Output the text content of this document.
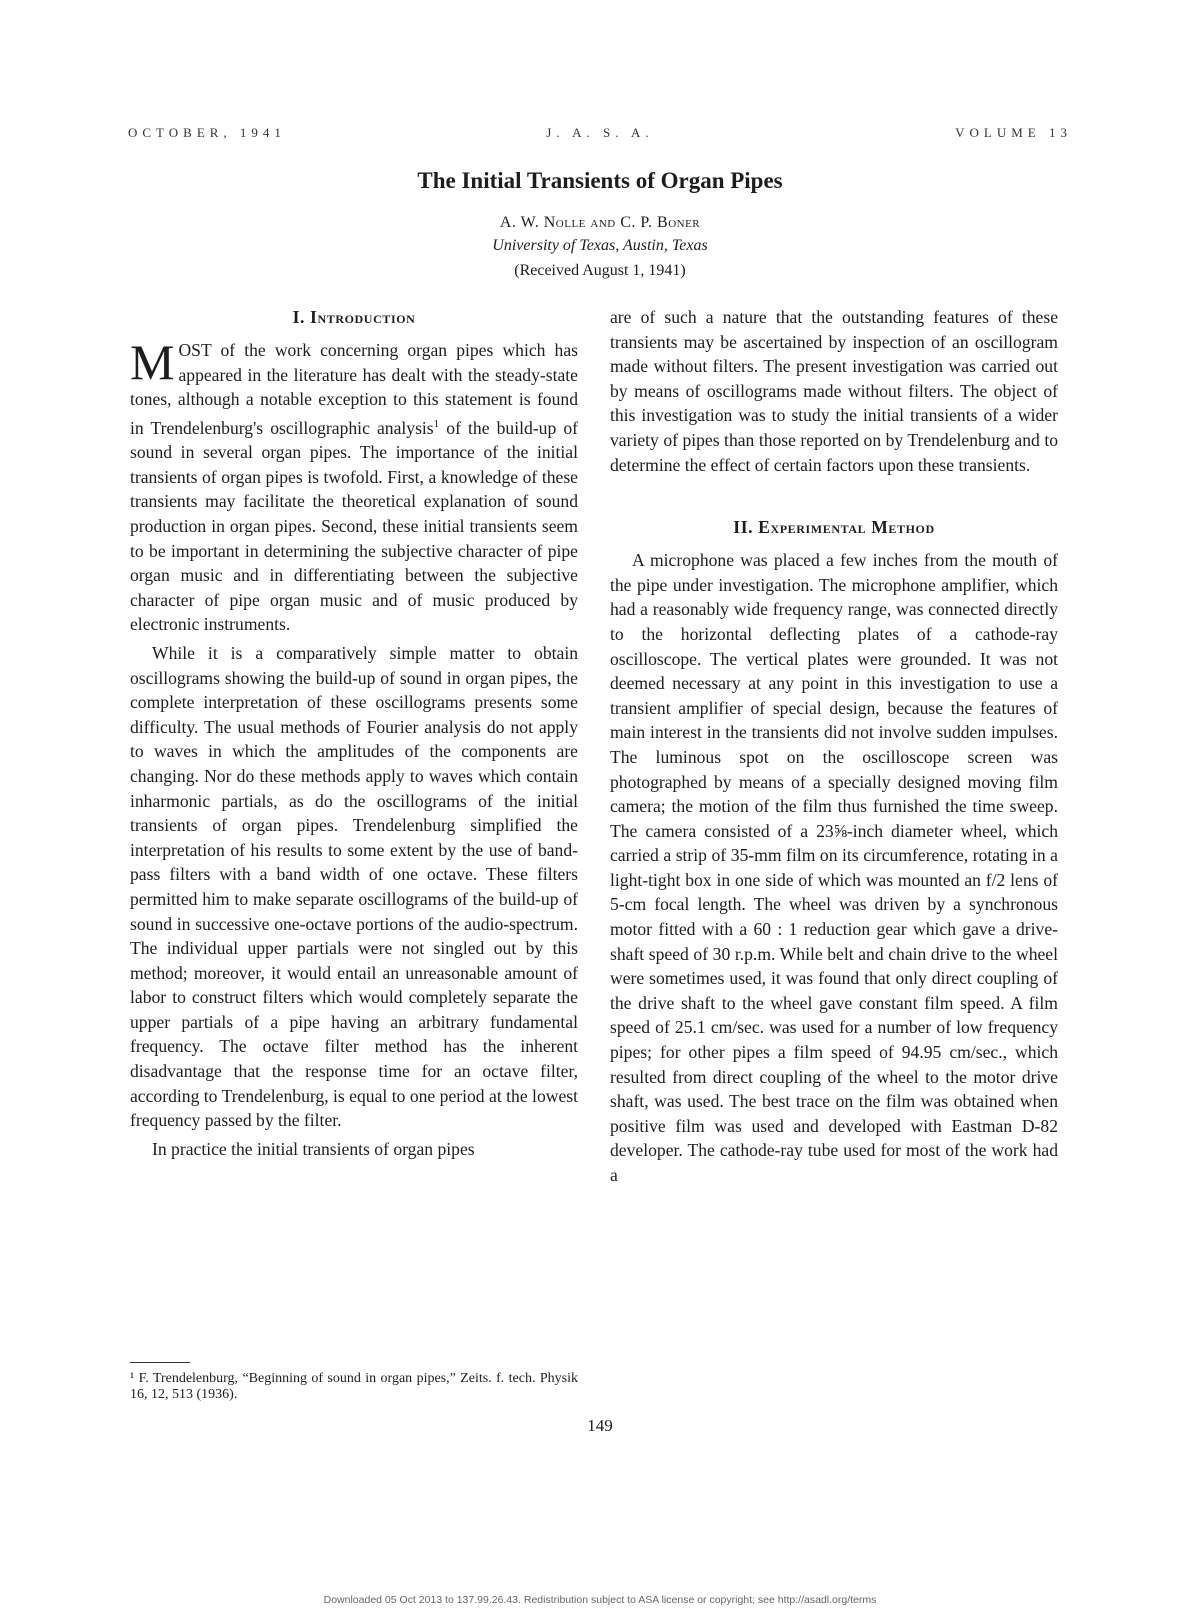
OCTOBER, 1941	J. A. S. A.	VOLUME 13
The Initial Transients of Organ Pipes
A. W. Nolle and C. P. Boner
University of Texas, Austin, Texas
(Received August 1, 1941)
I. Introduction

MOST of the work concerning organ pipes which has appeared in the literature has dealt with the steady-state tones, although a notable exception to this statement is found in Trendelenburg's oscillographic analysis$^1$ of the build-up of sound in several organ pipes. The importance of the initial transients of organ pipes is twofold. First, a knowledge of these transients may facilitate the theoretical explanation of sound production in organ pipes. Second, these initial transients seem to be important in determining the subjective character of pipe organ music and in differentiating between the subjective character of pipe organ music and of music produced by electronic instruments.

While it is a comparatively simple matter to obtain oscillograms showing the build-up of sound in organ pipes, the complete interpretation of these oscillograms presents some difficulty. The usual methods of Fourier analysis do not apply to waves in which the amplitudes of the components are changing. Nor do these methods apply to waves which contain inharmonic partials, as do the oscillograms of the initial transients of organ pipes. Trendelenburg simplified the interpretation of his results to some extent by the use of band-pass filters with a band width of one octave. These filters permitted him to make separate oscillograms of the build-up of sound in successive one-octave portions of the audio-spectrum. The individual upper partials were not singled out by this method; moreover, it would entail an unreasonable amount of labor to construct filters which would completely separate the upper partials of a pipe having an arbitrary fundamental frequency. The octave filter method has the inherent disadvantage that the response time for an octave filter, according to Trendelenburg, is equal to one period at the lowest frequency passed by the filter.

In practice the initial transients of organ pipes

¹ F. Trendelenburg, “Beginning of sound in organ pipes,” Zeits. f. tech. Physik 16, 12, 513 (1936).

are of such a nature that the outstanding features of these transients may be ascertained by inspection of an oscillogram made without filters. The present investigation was carried out by means of oscillograms made without filters. The object of this investigation was to study the initial transients of a wider variety of pipes than those reported on by Trendelenburg and to determine the effect of certain factors upon these transients.

II. Experimental Method

A microphone was placed a few inches from the mouth of the pipe under investigation. The microphone amplifier, which had a reasonably wide frequency range, was connected directly to the horizontal deflecting plates of a cathode-ray oscilloscope. The vertical plates were grounded. It was not deemed necessary at any point in this investigation to use a transient amplifier of special design, because the features of main interest in the transients did not involve sudden impulses. The luminous spot on the oscilloscope screen was photographed by means of a specially designed moving film camera; the motion of the film thus furnished the time sweep. The camera consisted of a 23⅝-inch diameter wheel, which carried a strip of 35-mm film on its circumference, rotating in a light-tight box in one side of which was mounted an f/2 lens of 5-cm focal length. The wheel was driven by a synchronous motor fitted with a 60 : 1 reduction gear which gave a drive-shaft speed of 30 r.p.m. While belt and chain drive to the wheel were sometimes used, it was found that only direct coupling of the drive shaft to the wheel gave constant film speed. A film speed of 25.1 cm/sec. was used for a number of low frequency pipes; for other pipes a film speed of 94.95 cm/sec., which resulted from direct coupling of the wheel to the motor drive shaft, was used. The best trace on the film was obtained when positive film was used and developed with Eastman D-82 developer. The cathode-ray tube used for most of the work had a

149
Downloaded 05 Oct 2013 to 137.99.26.43. Redistribution subject to ASA license or copyright; see http://asadl.org/terms
